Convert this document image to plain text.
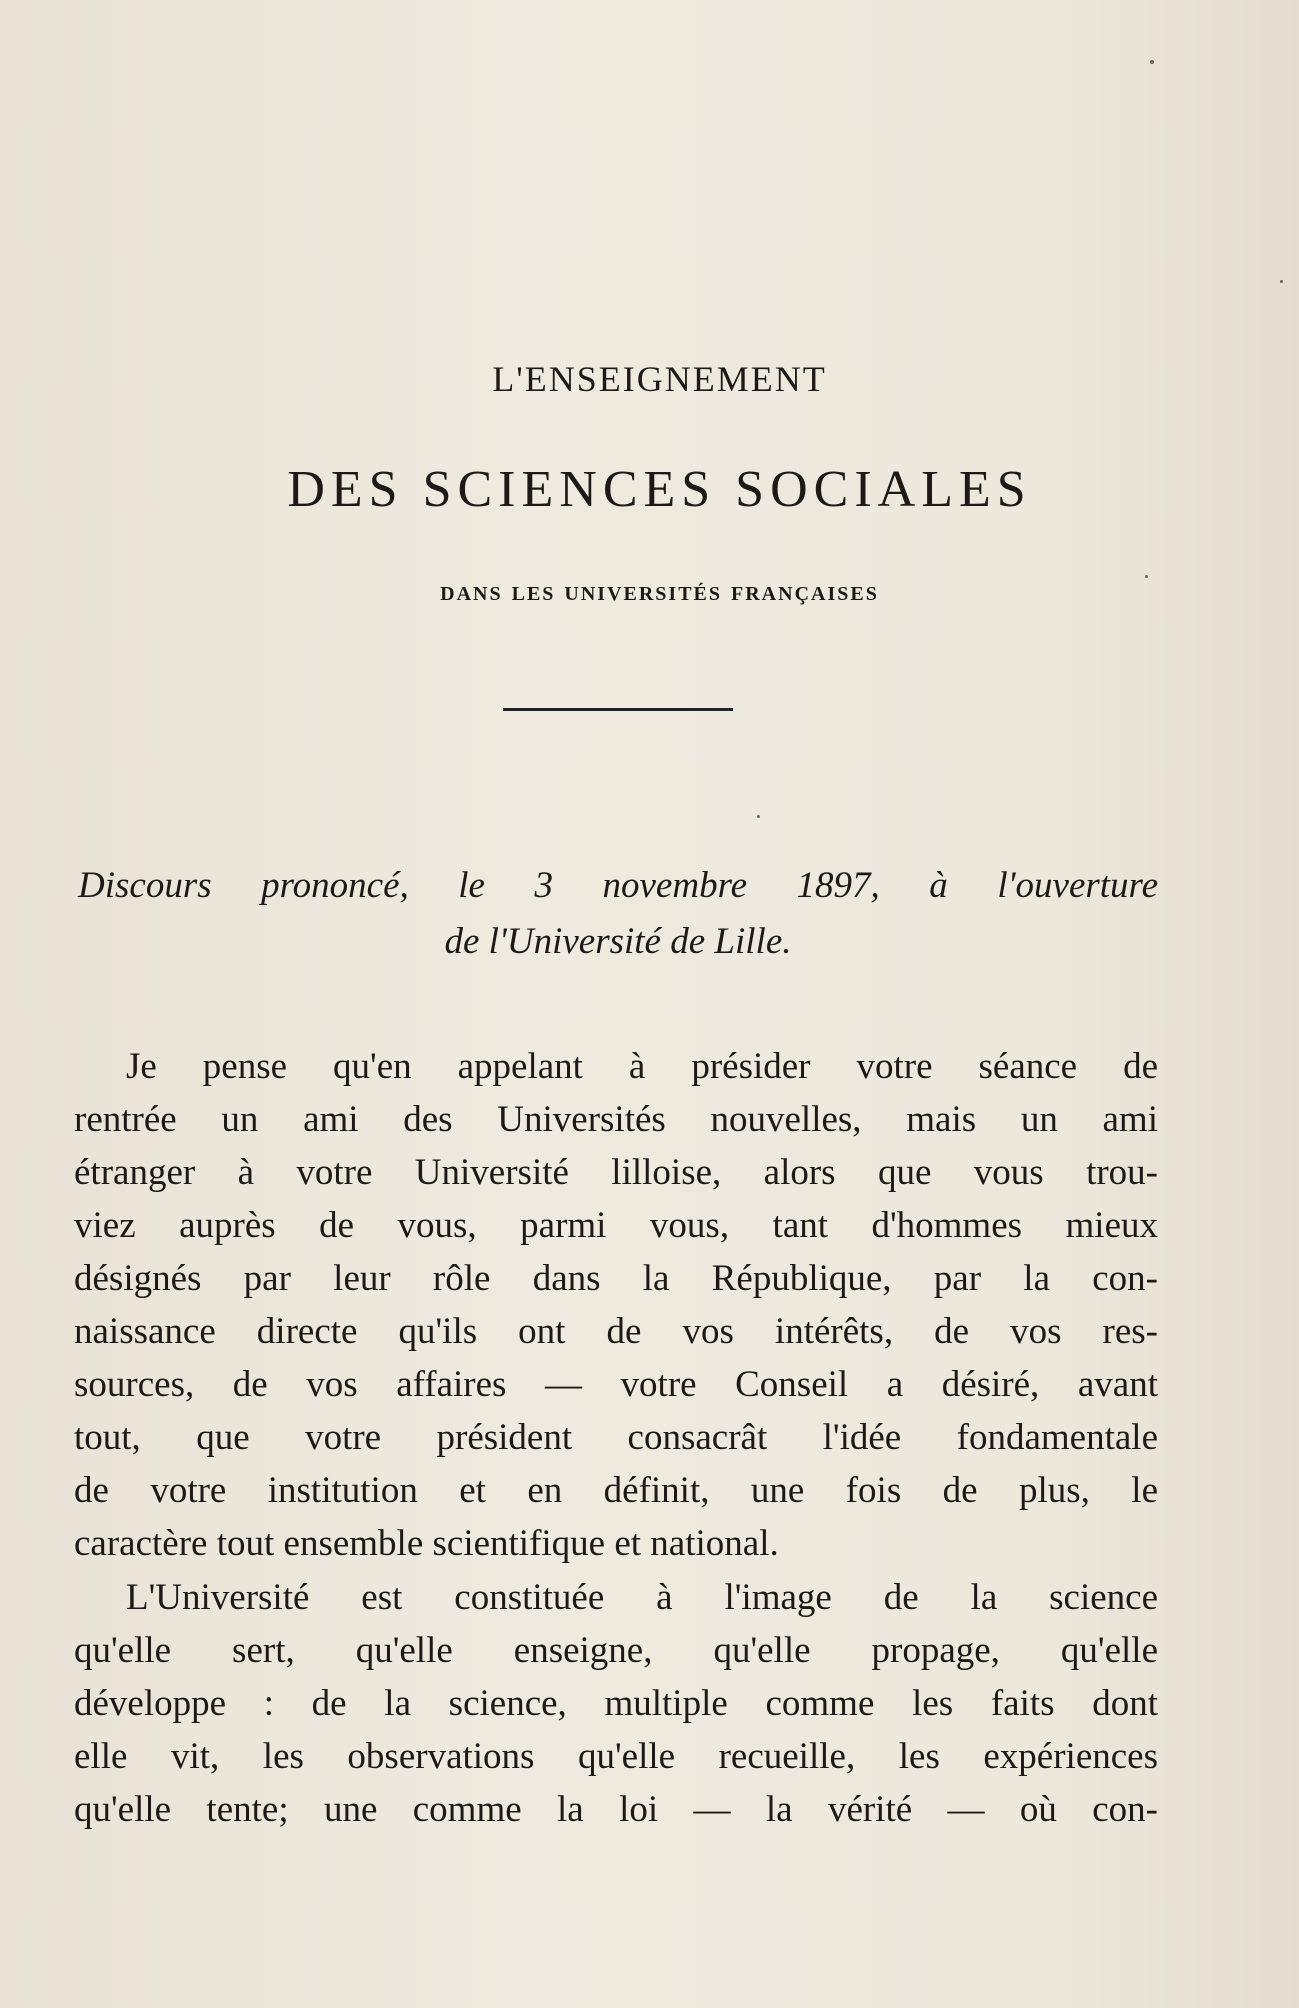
L'ENSEIGNEMENT
DES SCIENCES SOCIALES
dans les universités françaises
Discours prononcé, le 3 novembre 1897, à l'ouverture
de l'Université de Lille.
Je pense qu'en appelant à présider votre séance de
rentrée un ami des Universités nouvelles, mais un ami
étranger à votre Université lilloise, alors que vous trou-
viez auprès de vous, parmi vous, tant d'hommes mieux
désignés par leur rôle dans la République, par la con-
naissance directe qu'ils ont de vos intérêts, de vos res-
sources, de vos affaires — votre Conseil a désiré, avant
tout, que votre président consacrât l'idée fondamentale
de votre institution et en définit, une fois de plus, le
caractère tout ensemble scientifique et national.
L'Université est constituée à l'image de la science
qu'elle sert, qu'elle enseigne, qu'elle propage, qu'elle
développe : de la science, multiple comme les faits dont
elle vit, les observations qu'elle recueille, les expériences
qu'elle tente; une comme la loi — la vérité — où con-
